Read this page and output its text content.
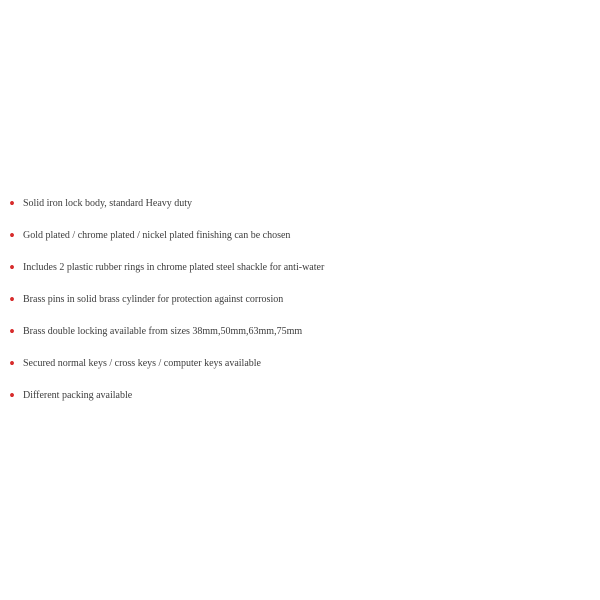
• Solid iron lock body, standard Heavy duty
• Gold plated / chrome plated / nickel plated finishing can be chosen
• Includes 2 plastic rubber rings in chrome plated steel shackle for anti-water
• Brass pins in solid brass cylinder for protection against corrosion
• Brass double locking available from sizes 38mm,50mm,63mm,75mm
• Secured normal keys / cross keys / computer keys available
• Different packing available
